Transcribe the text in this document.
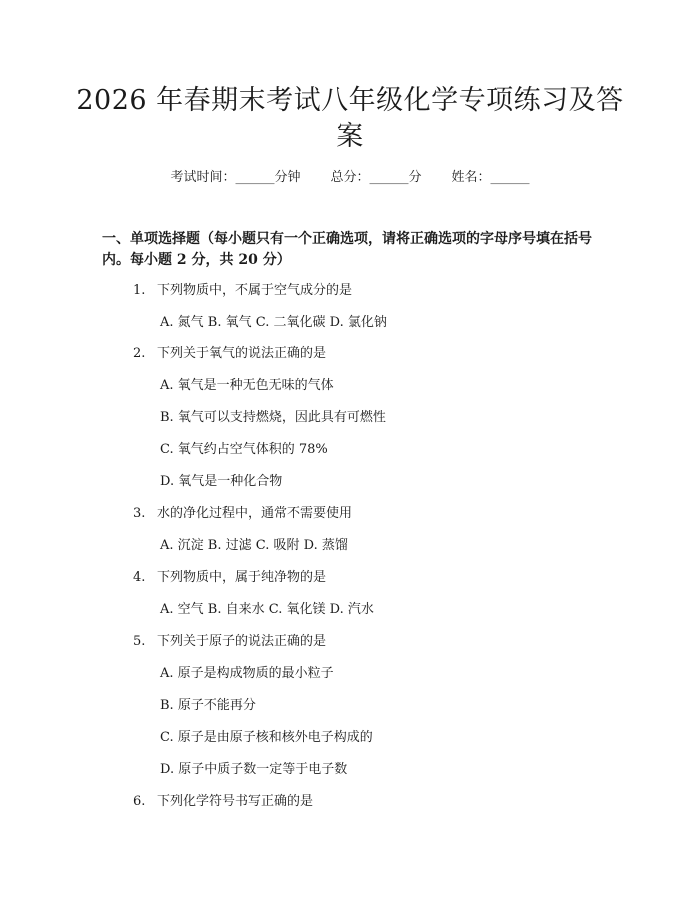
2026 年春期末考试八年级化学专项练习及答
案
考试时间：______分钟 总分：______分 姓名：______
一、单项选择题（每小题只有一个正确选项，请将正确选项的字母序号填在括号
内。每小题 2 分，共 20 分）
1. 下列物质中，不属于空气成分的是
A. 氮气 B. 氧气 C. 二氧化碳 D. 氯化钠
2. 下列关于氧气的说法正确的是
A. 氧气是一种无色无味的气体
B. 氧气可以支持燃烧，因此具有可燃性
C. 氧气约占空气体积的 78%
D. 氧气是一种化合物
3. 水的净化过程中，通常不需要使用
A. 沉淀 B. 过滤 C. 吸附 D. 蒸馏
4. 下列物质中，属于纯净物的是
A. 空气 B. 自来水 C. 氧化镁 D. 汽水
5. 下列关于原子的说法正确的是
A. 原子是构成物质的最小粒子
B. 原子不能再分
C. 原子是由原子核和核外电子构成的
D. 原子中质子数一定等于电子数
6. 下列化学符号书写正确的是
